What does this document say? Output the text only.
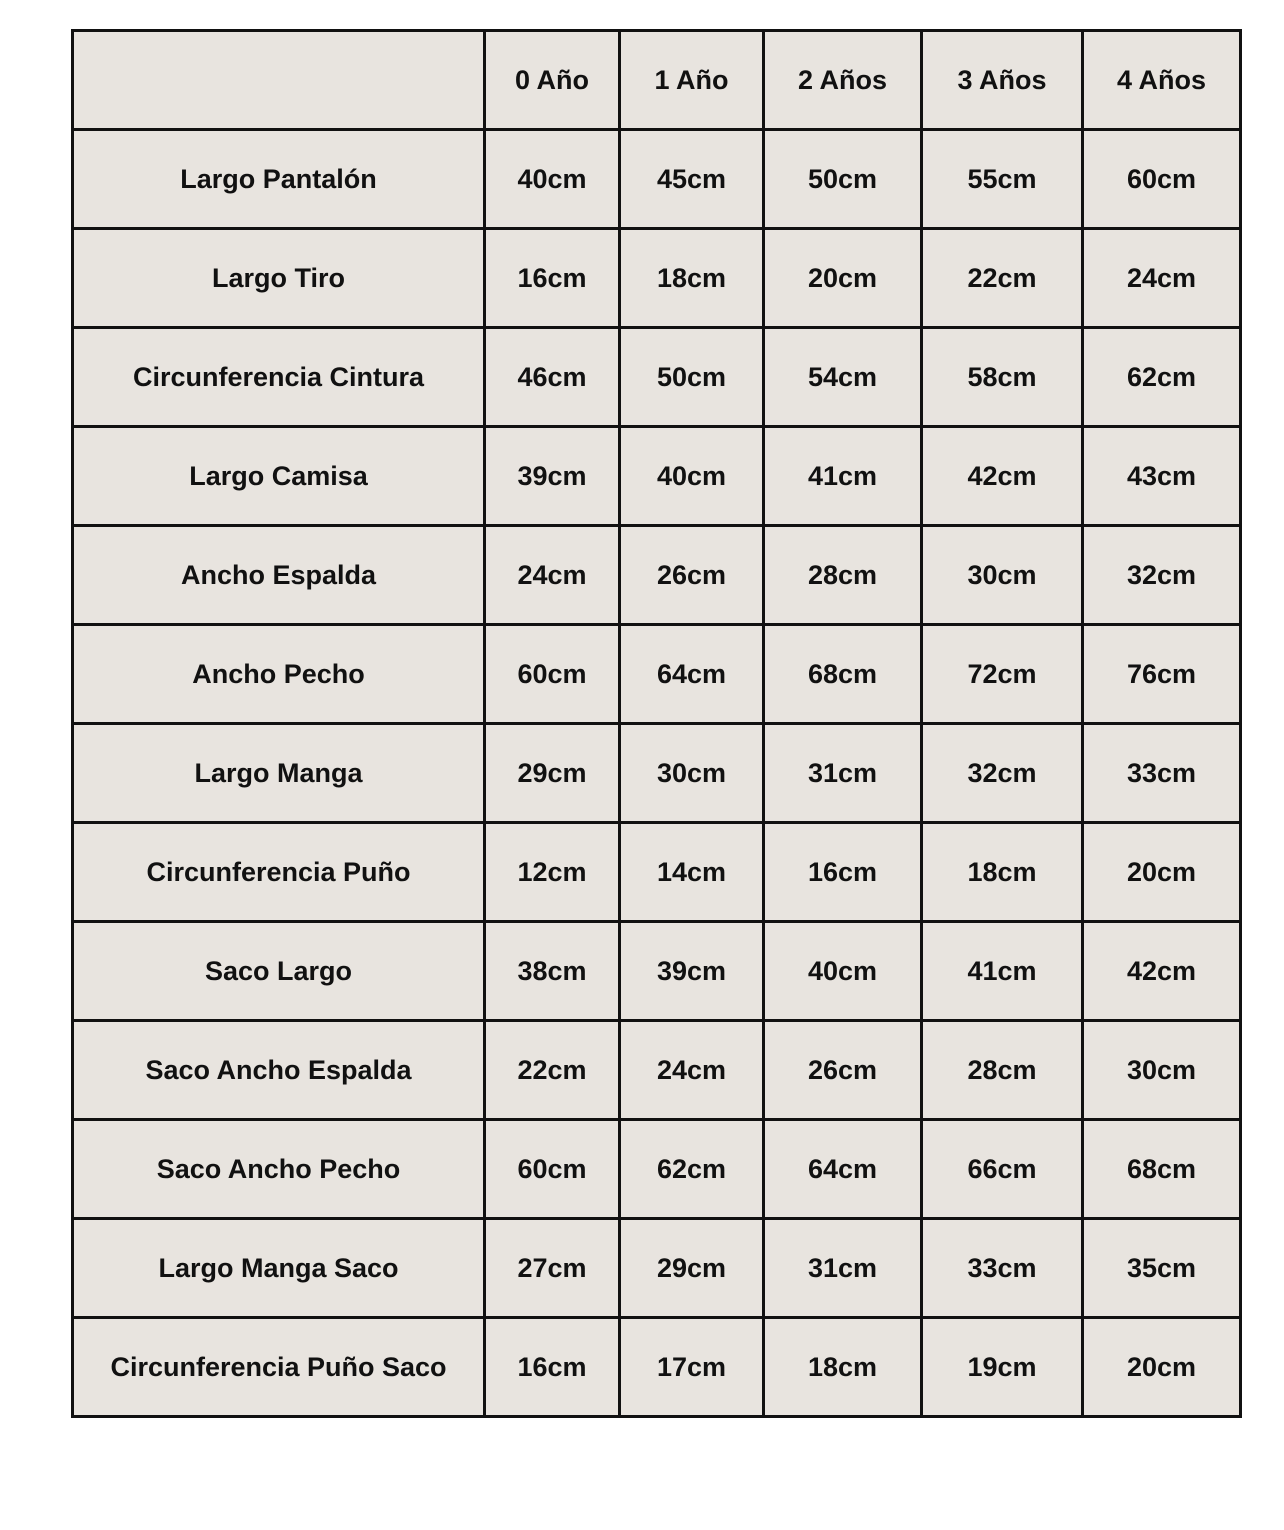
	0 Año	1 Año	2 Años	3 Años	4 Años
Largo Pantalón	40cm	45cm	50cm	55cm	60cm
Largo Tiro	16cm	18cm	20cm	22cm	24cm
Circunferencia Cintura	46cm	50cm	54cm	58cm	62cm
Largo Camisa	39cm	40cm	41cm	42cm	43cm
Ancho Espalda	24cm	26cm	28cm	30cm	32cm
Ancho Pecho	60cm	64cm	68cm	72cm	76cm
Largo Manga	29cm	30cm	31cm	32cm	33cm
Circunferencia Puño	12cm	14cm	16cm	18cm	20cm
Saco Largo	38cm	39cm	40cm	41cm	42cm
Saco Ancho Espalda	22cm	24cm	26cm	28cm	30cm
Saco Ancho Pecho	60cm	62cm	64cm	66cm	68cm
Largo Manga Saco	27cm	29cm	31cm	33cm	35cm
Circunferencia Puño Saco	16cm	17cm	18cm	19cm	20cm
